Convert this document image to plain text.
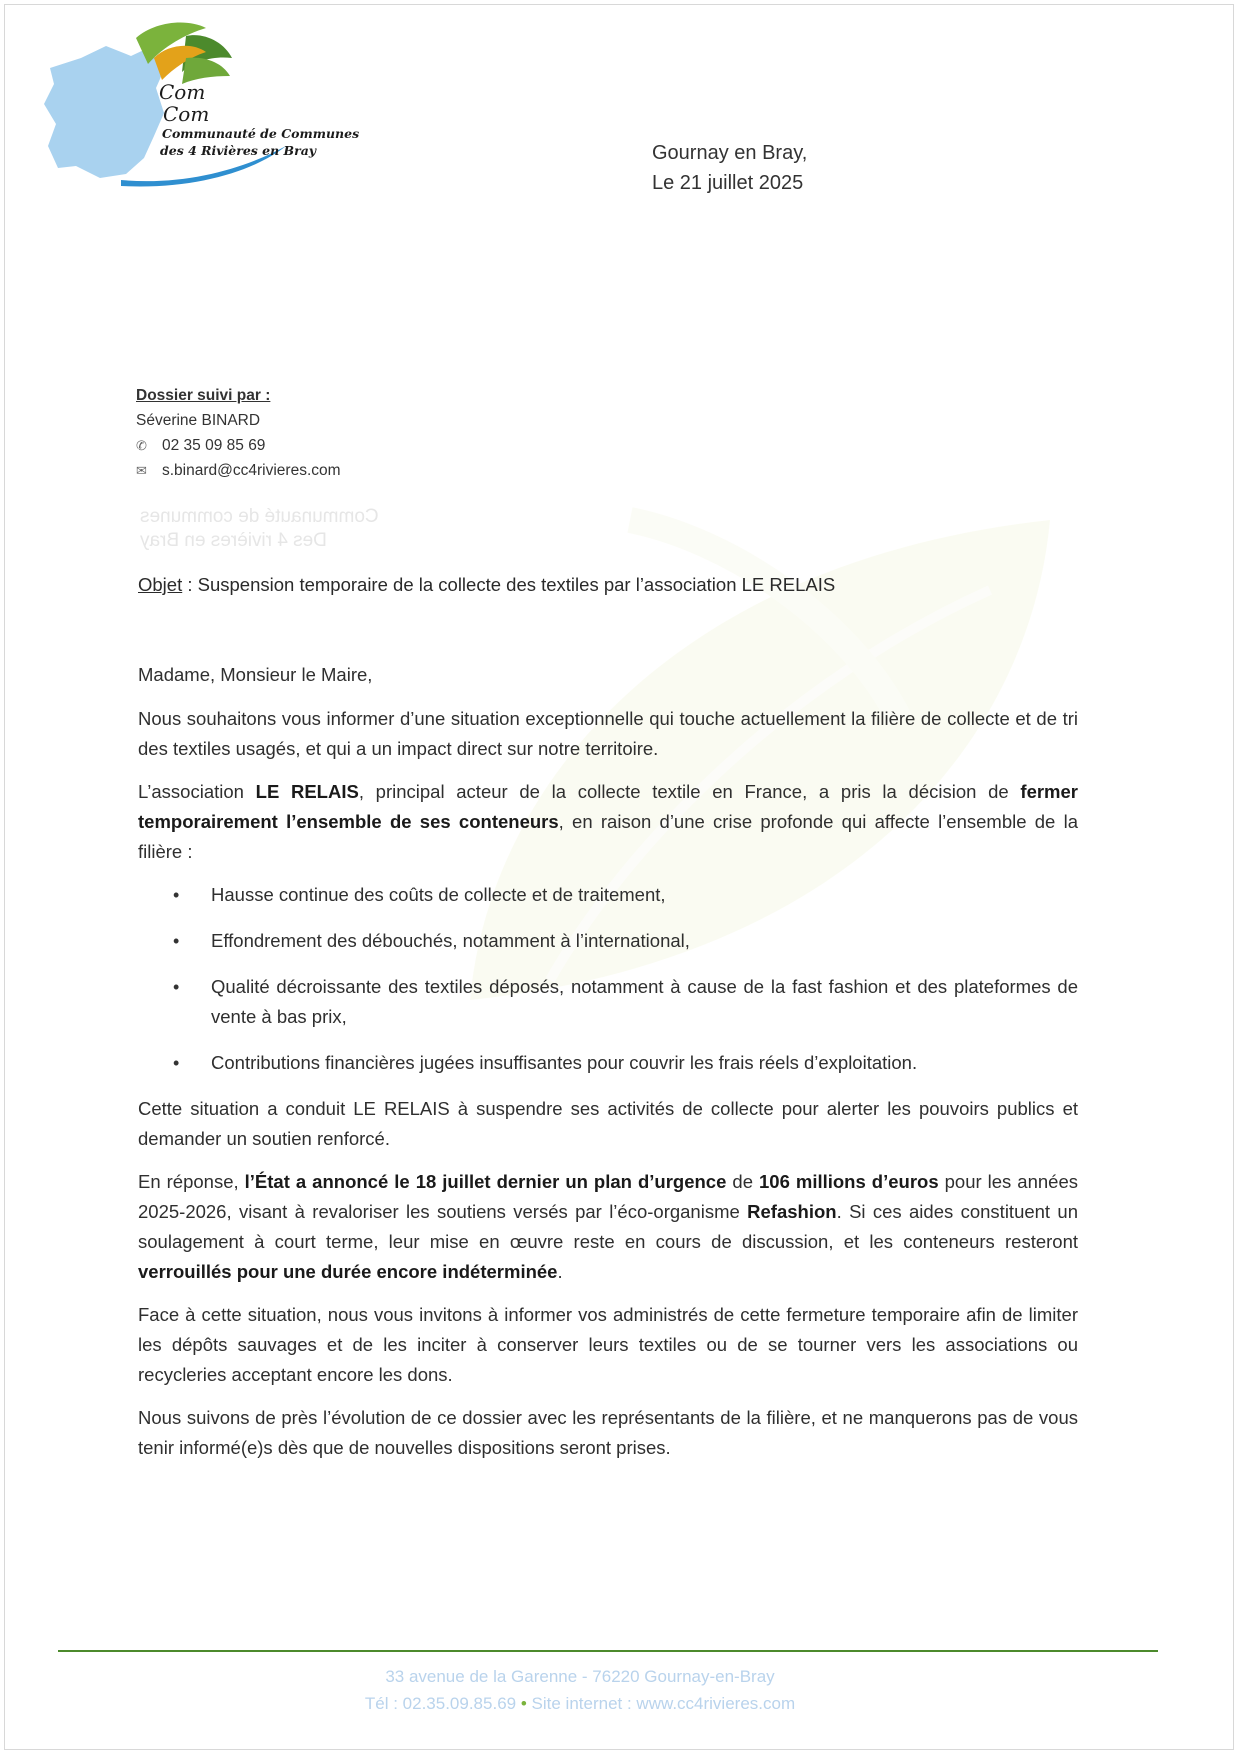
Com
Com
Communauté de Communes
des 4 Rivières en Bray	Gournay en Bray,
Le 21 juillet 2025
Dossier suivi par :
Séverine BINARD
✆ 02 35 09 85 69
✉ s.binard@cc4rivieres.com
Communauté de communes
Des 4 rivières en Bray
Objet : Suspension temporaire de la collecte des textiles par l’association LE RELAIS

Madame, Monsieur le Maire,

Nous souhaitons vous informer d’une situation exceptionnelle qui touche actuellement la filière de collecte et de tri des textiles usagés, et qui a un impact direct sur notre territoire.

L’association LE RELAIS, principal acteur de la collecte textile en France, a pris la décision de fermer temporairement l’ensemble de ses conteneurs, en raison d’une crise profonde qui affecte l’ensemble de la filière :

• Hausse continue des coûts de collecte et de traitement,
• Effondrement des débouchés, notamment à l’international,
• Qualité décroissante des textiles déposés, notamment à cause de la fast fashion et des plateformes de vente à bas prix,
• Contributions financières jugées insuffisantes pour couvrir les frais réels d’exploitation.

Cette situation a conduit LE RELAIS à suspendre ses activités de collecte pour alerter les pouvoirs publics et demander un soutien renforcé.

En réponse, l’État a annoncé le 18 juillet dernier un plan d’urgence de 106 millions d’euros pour les années 2025-2026, visant à revaloriser les soutiens versés par l’éco-organisme Refashion. Si ces aides constituent un soulagement à court terme, leur mise en œuvre reste en cours de discussion, et les conteneurs resteront verrouillés pour une durée encore indéterminée.

Face à cette situation, nous vous invitons à informer vos administrés de cette fermeture temporaire afin de limiter les dépôts sauvages et de les inciter à conserver leurs textiles ou de se tourner vers les associations ou recycleries acceptant encore les dons.

Nous suivons de près l’évolution de ce dossier avec les représentants de la filière, et ne manquerons pas de vous tenir informé(e)s dès que de nouvelles dispositions seront prises.

33 avenue de la Garenne - 76220 Gournay-en-Bray
Tél : 02.35.09.85.69 • Site internet : www.cc4rivieres.com
